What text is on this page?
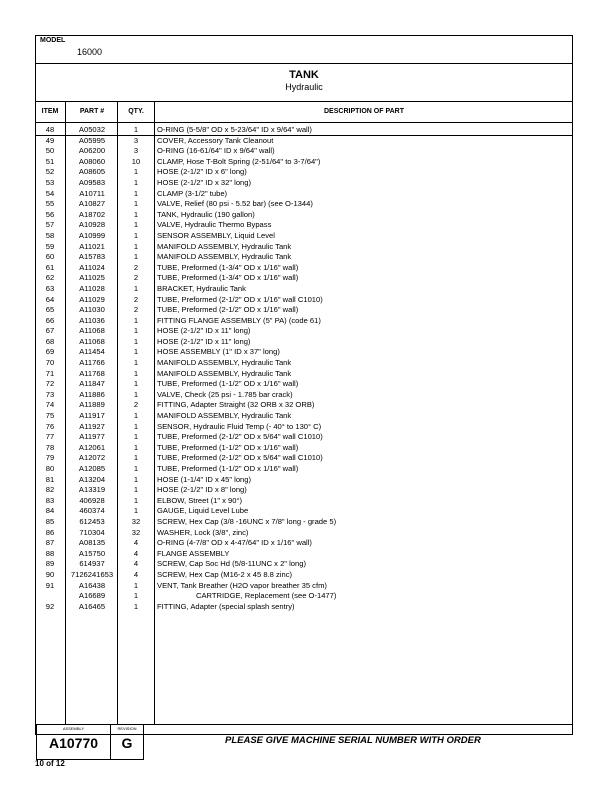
MODEL
16000
TANK
Hydraulic
ITEM	PART #	QTY.	DESCRIPTION OF PART
48	A05032	1	O-RING (5-5/8" OD x 5-23/64" ID x 9/64" wall)
49	A05995	3	COVER, Accessory Tank Cleanout
50	A06200	3	O-RING (16-61/64" ID x 9/64" wall)
51	A08060	10	CLAMP, Hose T-Bolt Spring (2-51/64" to 3-7/64")
52	A08605	1	HOSE (2-1/2" ID x 6" long)
53	A09583	1	HOSE (2-1/2" ID x 32" long)
54	A10711	1	CLAMP (3-1/2" tube)
55	A10827	1	VALVE, Relief (80 psi - 5.52 bar) (see O-1344)
56	A18702	1	TANK, Hydraulic (190 gallon)
57	A10928	1	VALVE, Hydraulic Thermo Bypass
58	A10999	1	SENSOR ASSEMBLY, Liquid Level
59	A11021	1	MANIFOLD ASSEMBLY, Hydraulic Tank
60	A15783	1	MANIFOLD ASSEMBLY, Hydraulic Tank
61	A11024	2	TUBE, Preformed (1-3/4" OD x 1/16" wall)
62	A11025	2	TUBE, Preformed (1-3/4" OD x 1/16" wall)
63	A11028	1	BRACKET, Hydraulic Tank
64	A11029	2	TUBE, Preformed (2-1/2" OD x 1/16" wall C1010)
65	A11030	2	TUBE, Preformed (2-1/2" OD x 1/16" wall)
66	A11036	1	FITTING FLANGE ASSEMBLY (5" PA) (code 61)
67	A11068	1	HOSE (2-1/2" ID x 11" long)
68	A11068	1	HOSE (2-1/2" ID x 11" long)
69	A11454	1	HOSE ASSEMBLY (1" ID x 37" long)
70	A11766	1	MANIFOLD ASSEMBLY, Hydraulic Tank
71	A11768	1	MANIFOLD ASSEMBLY, Hydraulic Tank
72	A11847	1	TUBE, Preformed (1-1/2" OD x 1/16" wall)
73	A11886	1	VALVE, Check (25 psi - 1.785 bar crack)
74	A11889	2	FITTING, Adapter Straight (32 ORB x 32 ORB)
75	A11917	1	MANIFOLD ASSEMBLY, Hydraulic Tank
76	A11927	1	SENSOR, Hydraulic Fluid Temp (- 40° to 130° C)
77	A11977	1	TUBE, Preformed (2-1/2" OD x 5/64" wall C1010)
78	A12061	1	TUBE, Preformed (1-1/2" OD x 1/16" wall)
79	A12072	1	TUBE, Preformed (2-1/2" OD x 5/64" wall C1010)
80	A12085	1	TUBE, Preformed (1-1/2" OD x 1/16" wall)
81	A13204	1	HOSE (1-1/4" ID x 45" long)
82	A13319	1	HOSE (2-1/2" ID x 8" long)
83	406928	1	ELBOW, Street (1" x 90°)
84	460374	1	GAUGE, Liquid Level Lube
85	612453	32	SCREW, Hex Cap (3/8 -16UNC x 7/8" long - grade 5)
86	710304	32	WASHER, Lock (3/8", zinc)
87	A08135	4	O-RING (4-7/8" OD x 4-47/64" ID x 1/16" wall)
88	A15750	4	FLANGE ASSEMBLY
89	614937	4	SCREW, Cap Soc Hd (5/8-11UNC x 2" long)
90	7126241653	4	SCREW, Hex Cap (M16-2 x 45 8.8 zinc)
91	A16438	1	VENT, Tank Breather (H2O vapor breather 35 cfm)
A16689	1	CARTRIDGE, Replacement (see O-1477)
92	A16465	1	FITTING, Adapter (special splash sentry)
ASSEMBLY
A10770
REVISION
G	PLEASE GIVE MACHINE SERIAL NUMBER WITH ORDER
10 of 12
